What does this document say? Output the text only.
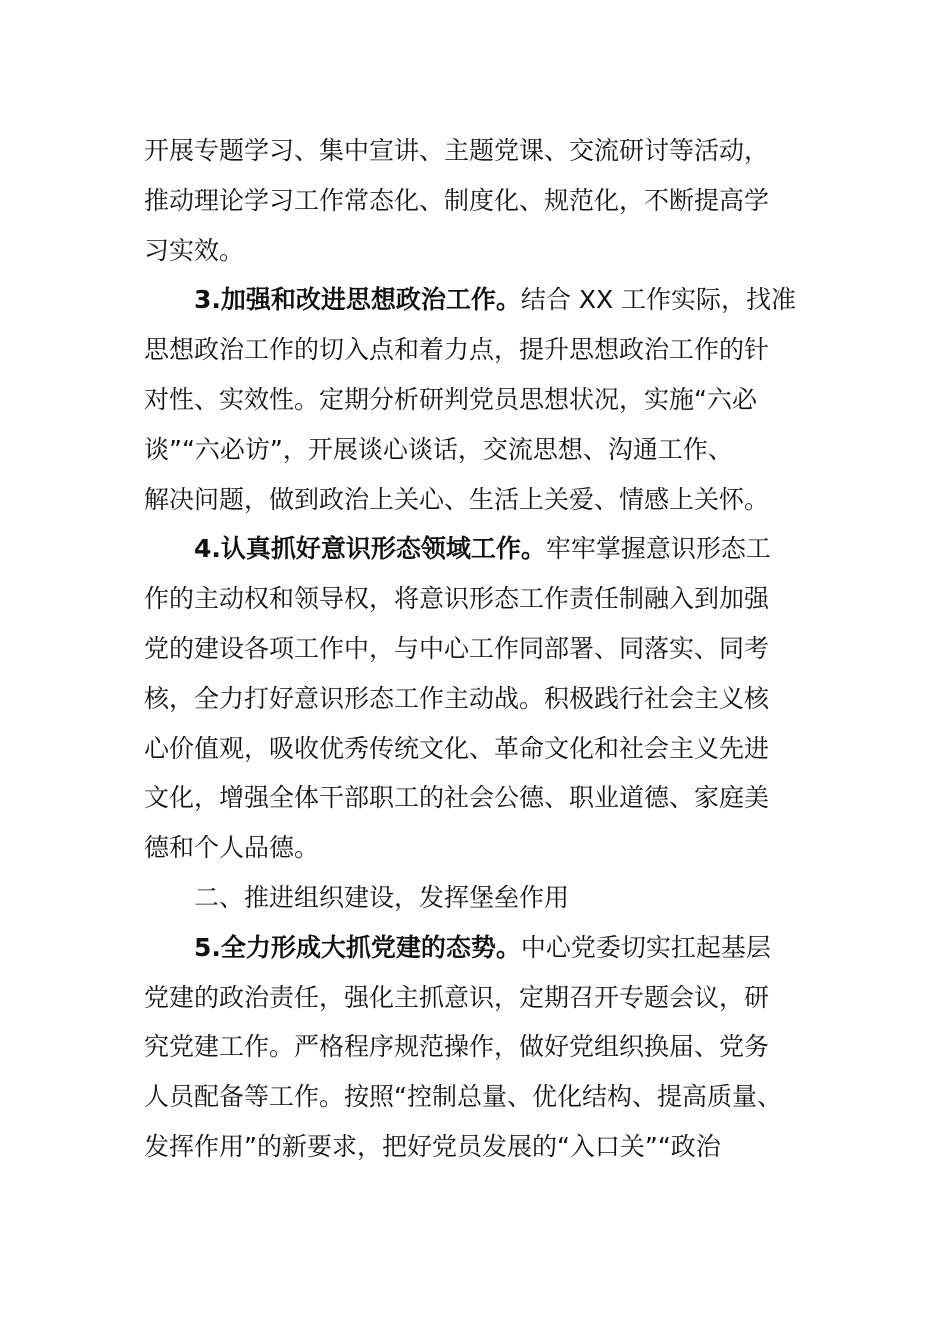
开展专题学习、集中宣讲、主题党课、交流研讨等活动，
推动理论学习工作常态化、制度化、规范化，不断提高学
习实效。
3.加强和改进思想政治工作。结合 XX 工作实际，找准
思想政治工作的切入点和着力点，提升思想政治工作的针
对性、实效性。定期分析研判党员思想状况，实施“六必
谈”“六必访”，开展谈心谈话，交流思想、沟通工作、
解决问题，做到政治上关心、生活上关爱、情感上关怀。
4.认真抓好意识形态领域工作。牢牢掌握意识形态工
作的主动权和领导权，将意识形态工作责任制融入到加强
党的建设各项工作中，与中心工作同部署、同落实、同考
核，全力打好意识形态工作主动战。积极践行社会主义核
心价值观，吸收优秀传统文化、革命文化和社会主义先进
文化，增强全体干部职工的社会公德、职业道德、家庭美
德和个人品德。
二、推进组织建设，发挥堡垒作用
5.全力形成大抓党建的态势。中心党委切实扛起基层
党建的政治责任，强化主抓意识，定期召开专题会议，研
究党建工作。严格程序规范操作，做好党组织换届、党务
人员配备等工作。按照“控制总量、优化结构、提高质量、
发挥作用”的新要求，把好党员发展的“入口关”“政治
